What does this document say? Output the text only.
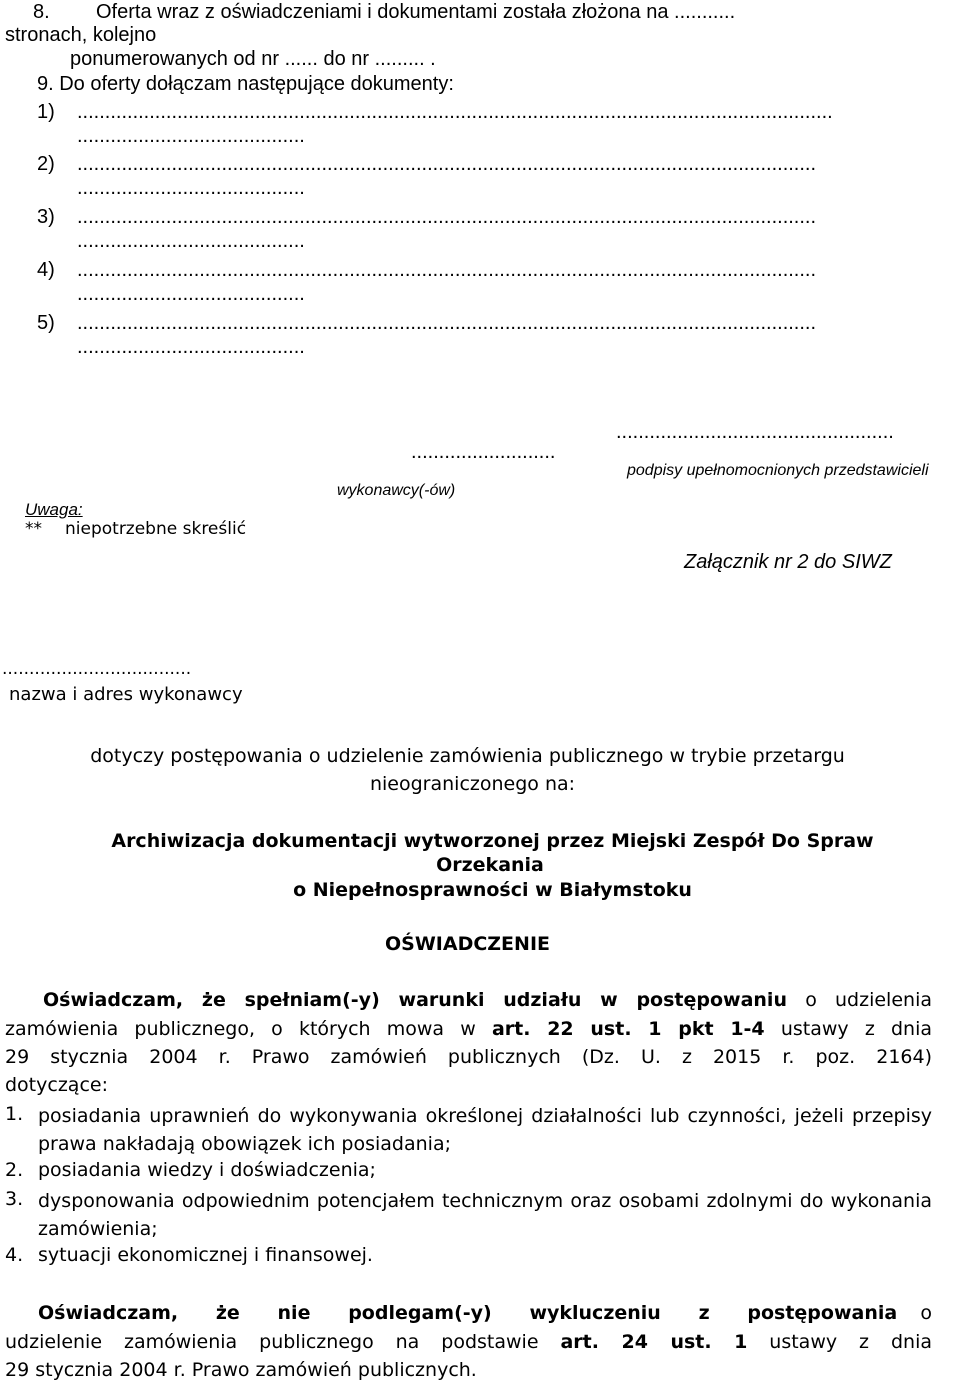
8. Oferta wraz z oświadczeniami i dokumentami została złożona na ...........
stronach, kolejno
ponumerowanych od nr ...... do nr ......... .
9. Do oferty dołączam następujące dokumenty:
1) ........................................................................................................................................
.........................................
2) .....................................................................................................................................
.........................................
3) .....................................................................................................................................
.........................................
4) .....................................................................................................................................
.........................................
5) .....................................................................................................................................
.........................................
..................................................
..........................
podpisy upełnomocnionych przedstawicieli
wykonawcy(-ów)
Uwaga:
** niepotrzebne skreślić
Załącznik nr 2 do SIWZ
...................................
nazwa i adres wykonawcy
dotyczy postępowania o udzielenie zamówienia publicznego w trybie przetargu
nieograniczonego na:
Archiwizacja dokumentacji wytworzonej przez Miejski Zespół Do Spraw
Orzekania
o Niepełnosprawności w Białymstoku
OŚWIADCZENIE
Oświadczam, że spełniam(-y) warunki udziału w postępowaniu o udzielenia
zamówienia publicznego, o których mowa w art. 22 ust. 1 pkt 1-4 ustawy z dnia
29 stycznia 2004 r. Prawo zamówień publicznych (Dz. U. z 2015 r. poz. 2164)
dotyczące:
1. posiadania uprawnień do wykonywania określonej działalności lub czynności, jeżeli przepisy prawa nakładają obowiązek ich posiadania;
2. posiadania wiedzy i doświadczenia;
3. dysponowania odpowiednim potencjałem technicznym oraz osobami zdolnymi do wykonania zamówienia;
4. sytuacji ekonomicznej i finansowej.
Oświadczam, że nie podlegam(-y) wykluczeniu z postępowania o
udzielenie zamówienia publicznego na podstawie art. 24 ust. 1 ustawy z dnia
29 stycznia 2004 r. Prawo zamówień publicznych.
